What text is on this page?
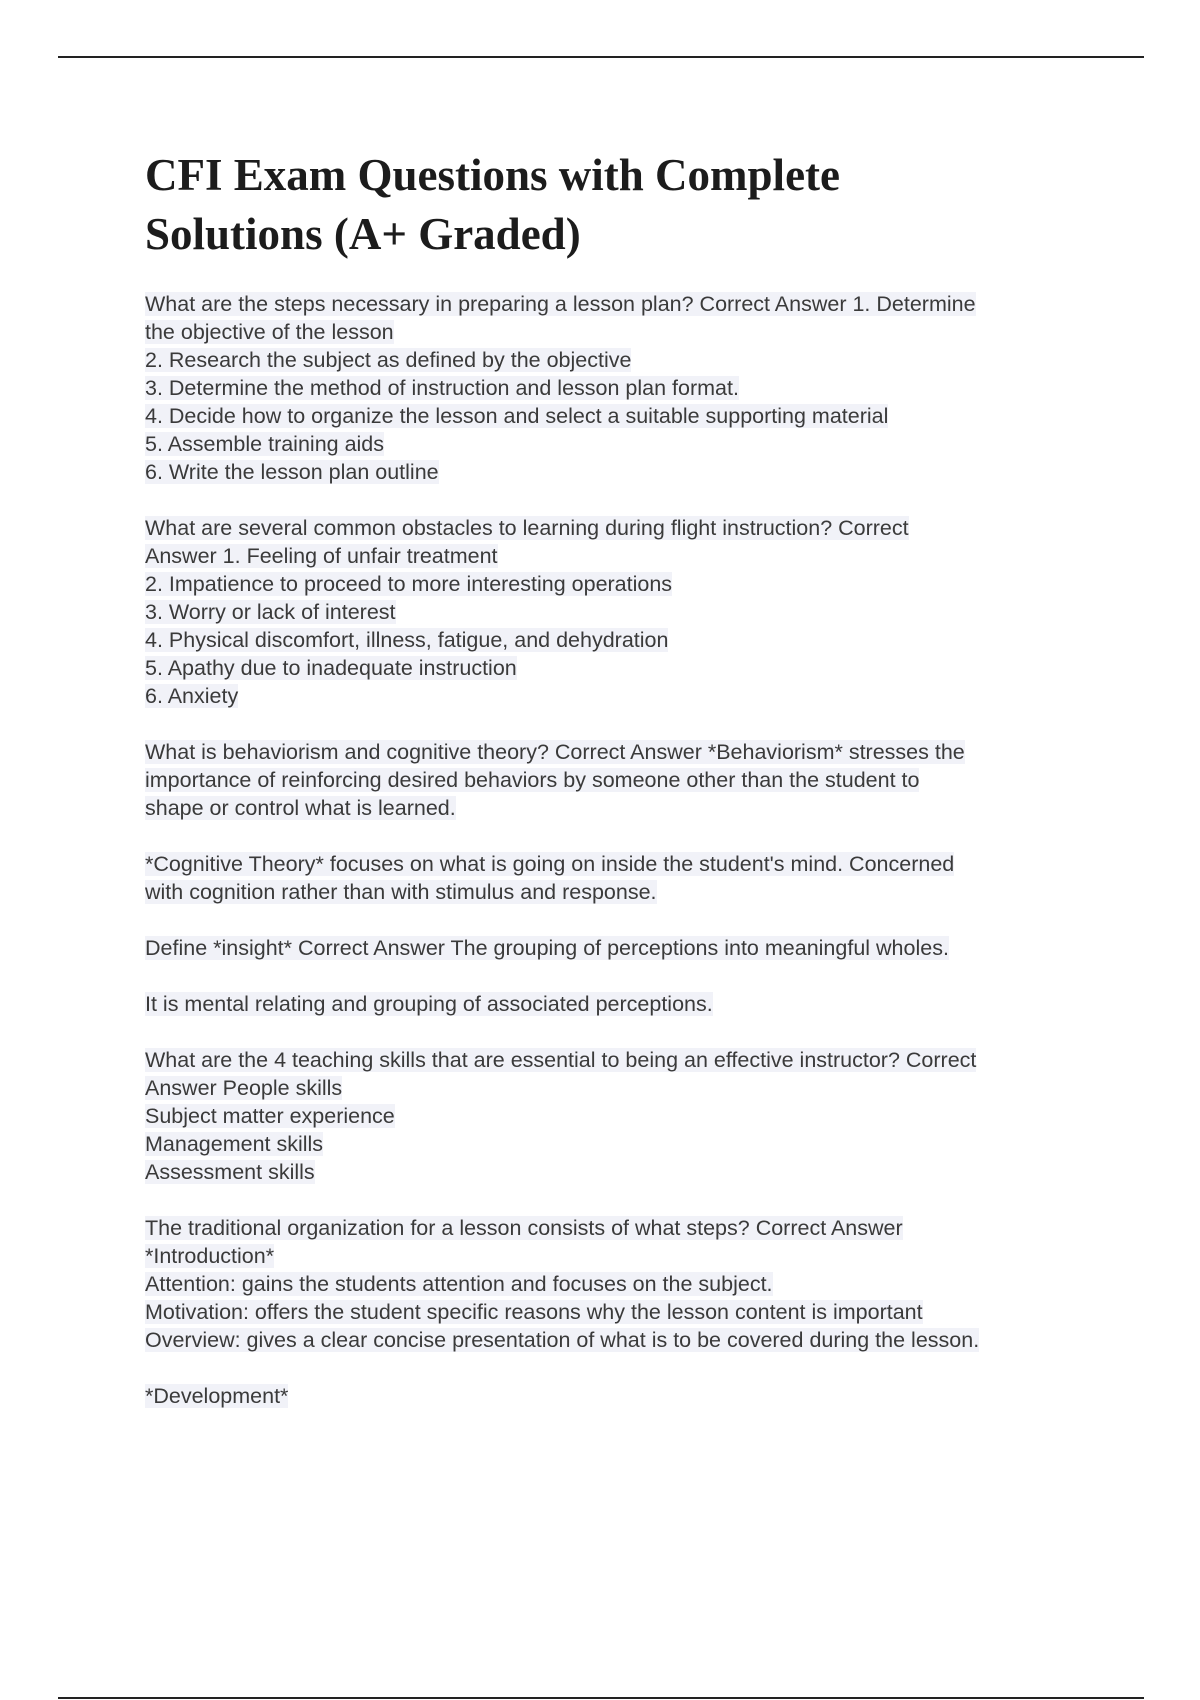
CFI Exam Questions with Complete
Solutions (A+ Graded)
What are the steps necessary in preparing a lesson plan? Correct Answer 1. Determine
the objective of the lesson
2. Research the subject as defined by the objective
3. Determine the method of instruction and lesson plan format.
4. Decide how to organize the lesson and select a suitable supporting material
5. Assemble training aids
6. Write the lesson plan outline
What are several common obstacles to learning during flight instruction? Correct
Answer 1. Feeling of unfair treatment
2. Impatience to proceed to more interesting operations
3. Worry or lack of interest
4. Physical discomfort, illness, fatigue, and dehydration
5. Apathy due to inadequate instruction
6. Anxiety
What is behaviorism and cognitive theory? Correct Answer *Behaviorism* stresses the
importance of reinforcing desired behaviors by someone other than the student to
shape or control what is learned.
*Cognitive Theory* focuses on what is going on inside the student's mind. Concerned
with cognition rather than with stimulus and response.
Define *insight* Correct Answer The grouping of perceptions into meaningful wholes.
It is mental relating and grouping of associated perceptions.
What are the 4 teaching skills that are essential to being an effective instructor? Correct
Answer People skills
Subject matter experience
Management skills
Assessment skills
The traditional organization for a lesson consists of what steps? Correct Answer
*Introduction*
Attention: gains the students attention and focuses on the subject.
Motivation: offers the student specific reasons why the lesson content is important
Overview: gives a clear concise presentation of what is to be covered during the lesson.
*Development*
